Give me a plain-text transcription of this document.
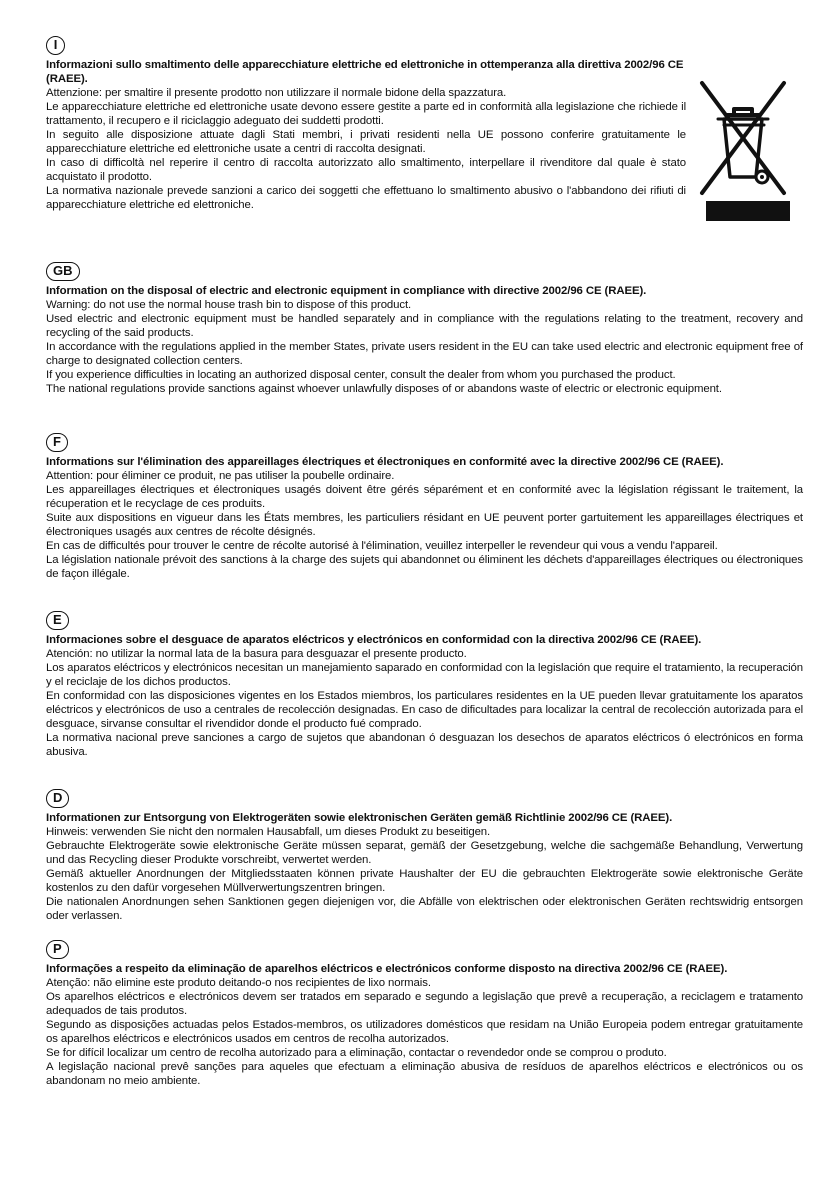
I

Informazioni sullo smaltimento delle apparecchiature elettriche ed elettroniche in ottemperanza alla direttiva 2002/96 CE (RAEE).

Attenzione: per smaltire il presente prodotto non utilizzare il normale bidone della spazzatura.

Le apparecchiature elettriche ed elettroniche usate devono essere gestite a parte ed in conformità alla legislazione che richiede il trattamento, il recupero e il riciclaggio adeguato dei suddetti prodotti.

In seguito alle disposizione attuate dagli Stati membri, i privati residenti nella UE possono conferire gratuitamente le apparecchiature elettriche ed elettroniche usate a centri di raccolta designati.

In caso di difficoltà nel reperire il centro di raccolta autorizzato allo smaltimento, interpellare il rivenditore dal quale è stato acquistato il prodotto.

La normativa nazionale prevede sanzioni a carico dei soggetti che effettuano lo smaltimento abusivo o l'abbandono dei rifiuti di apparecchiature elettriche ed elettroniche.

GB

Information on the disposal of electric and electronic equipment in compliance with directive 2002/96 CE (RAEE).

Warning: do not use the normal house trash bin to dispose of this product.

Used electric and electronic equipment must be handled separately and in compliance with the regulations relating to the treatment, recovery and recycling of the said products.

In accordance with the regulations applied in the member States, private users resident in the EU can take used electric and electronic equipment free of charge to designated collection centers.

If you experience difficulties in locating an authorized disposal center, consult the dealer from whom you purchased the product.

The national regulations provide sanctions against whoever unlawfully disposes of or abandons waste of electric or electronic equipment.

F

Informations sur l'élimination des appareillages électriques et électroniques en conformité avec la directive 2002/96 CE (RAEE).

Attention: pour éliminer ce produit, ne pas utiliser la poubelle ordinaire.

Les appareillages électriques et électroniques usagés doivent être gérés séparément et en conformité avec la législation régissant le traitement, la récuperation et le recyclage de ces produits.

Suite aux dispositions en vigueur dans les États membres, les particuliers résidant en UE peuvent porter gartuitement les appareillages électriques et électroniques usagés aux centres de récolte désignés.

En cas de difficultés pour trouver le centre de récolte autorisé à l'élimination, veuillez interpeller le revendeur qui vous a vendu l'appareil.

La législation nationale prévoit des sanctions à la charge des sujets qui abandonnet ou éliminent les déchets d'appareillages électriques ou électroniques de façon illégale.

E

Informaciones sobre el desguace de aparatos eléctricos y electrónicos en conformidad con la directiva 2002/96 CE (RAEE).

Atención: no utilizar la normal lata de la basura para desguazar el presente producto.

Los aparatos eléctricos y electrónicos necesitan un manejamiento saparado en conformidad con la legislación que require el tratamiento, la recuperación y el reciclaje de los dichos productos.

En conformidad con las disposiciones vigentes en los Estados miembros, los particulares residentes en la UE pueden llevar gratuitamente los aparatos eléctricos y electrónicos de uso a centrales de recolección designadas. En caso de dificultades para localizar la central de recolección autorizada para el desguace, sirvanse consultar el rivendidor donde el producto fué comprado.

La normativa nacional preve sanciones a cargo de sujetos que abandonan ó desguazan los desechos de aparatos eléctricos ó electrónicos en forma abusiva.

D

Informationen zur Entsorgung von Elektrogeräten sowie elektronischen Geräten gemäß Richtlinie 2002/96 CE (RAEE).

Hinweis: verwenden Sie nicht den normalen Hausabfall, um dieses Produkt zu beseitigen.

Gebrauchte Elektrogeräte sowie elektronische Geräte müssen separat, gemäß der Gesetzgebung, welche die sachgemäße Behandlung, Verwertung und das Recycling dieser Produkte vorschreibt, verwertet werden.

Gemäß aktueller Anordnungen der Mitgliedsstaaten können private Haushalter der EU die gebrauchten Elektrogeräte sowie elektronische Geräte kostenlos zu den dafür vorgesehen Müllverwertungszentren bringen.

Die nationalen Anordnungen sehen Sanktionen gegen diejenigen vor, die Abfälle von elektrischen oder elektronischen Geräten rechtswidrig entsorgen oder verlassen.

P

Informações a respeito da eliminação de aparelhos eléctricos e electrónicos conforme disposto na directiva 2002/96 CE (RAEE).

Atenção: não elimine este produto deitando-o nos recipientes de lixo normais.

Os aparelhos eléctricos e electrónicos devem ser tratados em separado e segundo a legislação que prevê a recuperação, a reciclagem e tratamento adequados de tais produtos.

Segundo as disposições actuadas pelos Estados-membros, os utilizadores domésticos que residam na União Europeia podem entregar gratuitamente os aparelhos eléctricos e electrónicos usados em centros de recolha autorizados.

Se for difícil localizar um centro de recolha autorizado para a eliminação, contactar o revendedor onde se comprou o produto.

A legislação nacional prevê sanções para aqueles que efectuam a eliminação abusiva de resíduos de aparelhos eléctricos e electrónicos ou os abandonam no meio ambiente.
